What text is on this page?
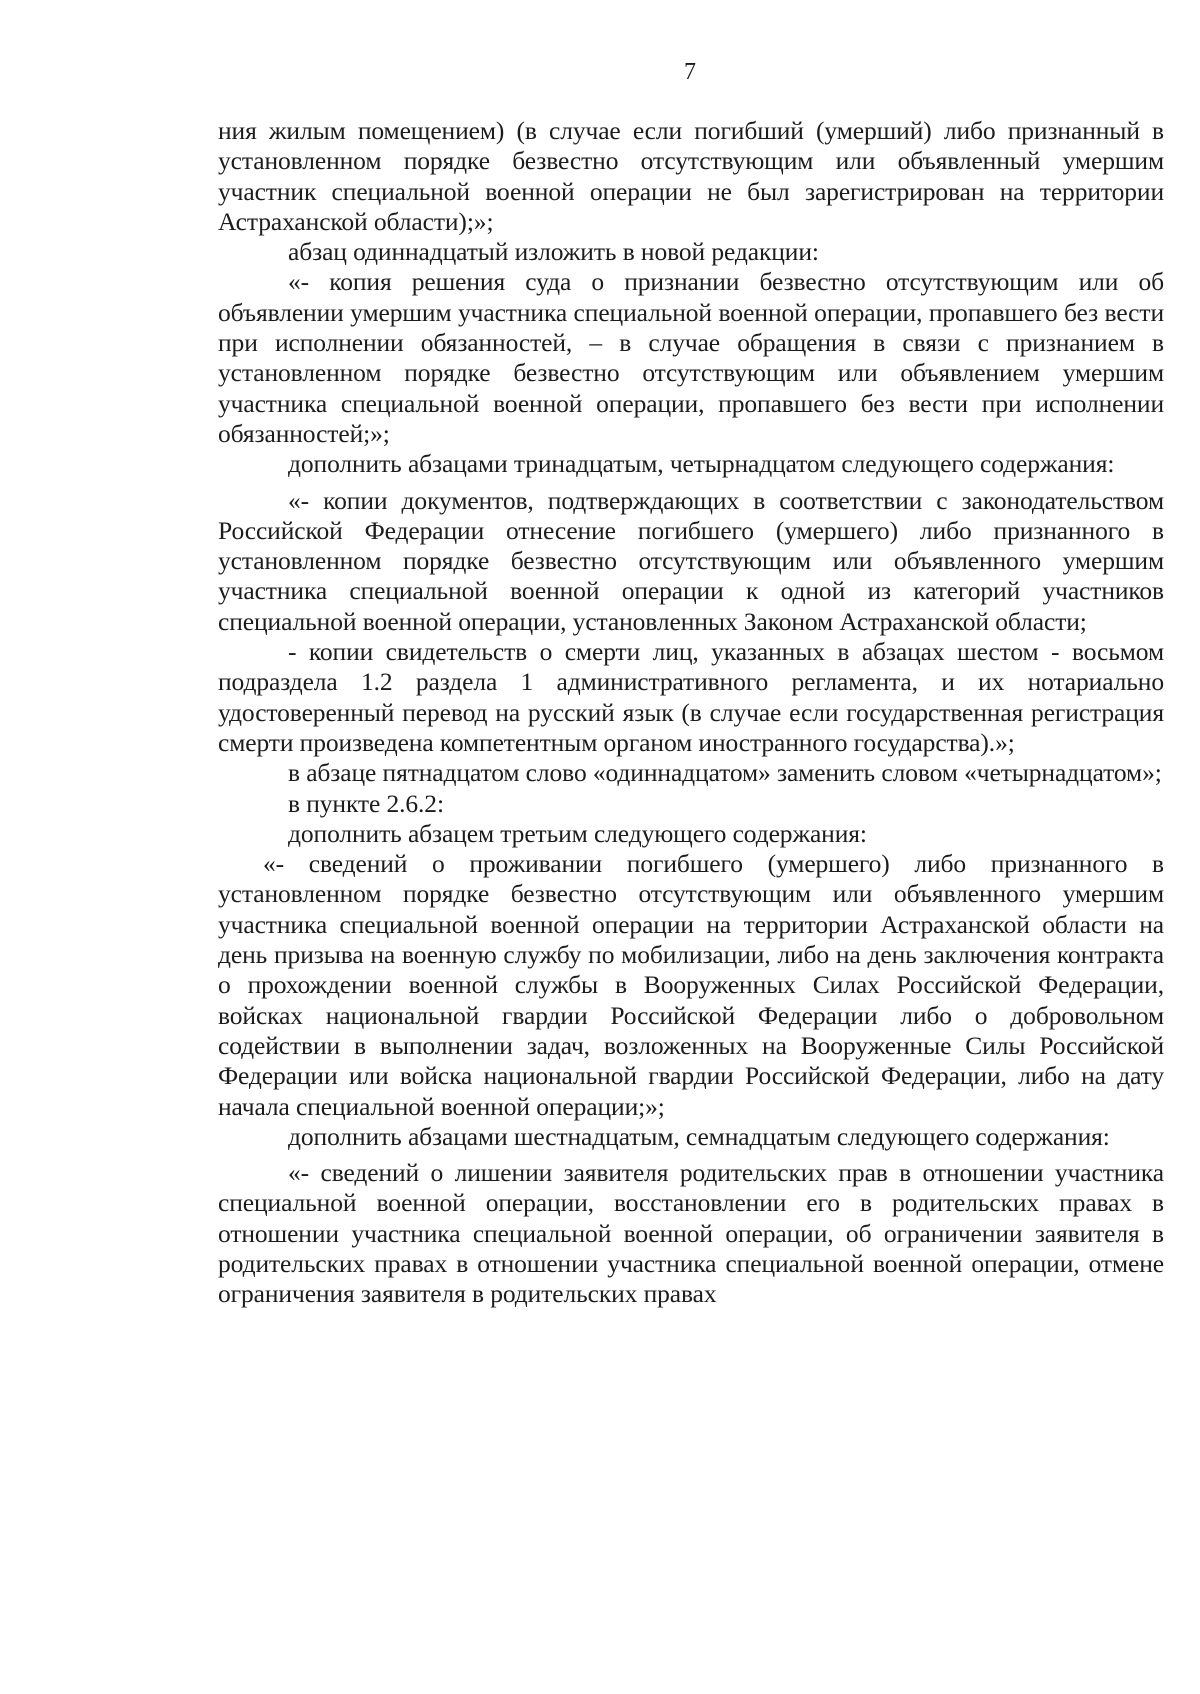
7

ния жилым помещением) (в случае если погибший (умерший) либо признанный в установленном порядке безвестно отсутствующим или объявленный умершим участник специальной военной операции не был зарегистрирован на территории Астраханской области);»;

абзац одиннадцатый изложить в новой редакции:

«- копия решения суда о признании безвестно отсутствующим или об объявлении умершим участника специальной военной операции, пропавшего без вести при исполнении обязанностей, – в случае обращения в связи с признанием в установленном порядке безвестно отсутствующим или объявлением умершим участника специальной военной операции, пропавшего без вести при исполнении обязанностей;»;

дополнить абзацами тринадцатым, четырнадцатом следующего содержания:

«- копии документов, подтверждающих в соответствии с законодательством Российской Федерации отнесение погибшего (умершего) либо признанного в установленном порядке безвестно отсутствующим или объявленного умершим участника специальной военной операции к одной из категорий участников специальной военной операции, установленных Законом Астраханской области;

- копии свидетельств о смерти лиц, указанных в абзацах шестом - восьмом подраздела 1.2 раздела 1 административного регламента, и их нотариально удостоверенный перевод на русский язык (в случае если государственная регистрация смерти произведена компетентным органом иностранного государства).»;

в абзаце пятнадцатом слово «одиннадцатом» заменить словом «четырнадцатом»;

в пункте 2.6.2:

дополнить абзацем третьим следующего содержания:

«- сведений о проживании погибшего (умершего) либо признанного в установленном порядке безвестно отсутствующим или объявленного умершим участника специальной военной операции на территории Астраханской области на день призыва на военную службу по мобилизации, либо на день заключения контракта о прохождении военной службы в Вооруженных Силах Российской Федерации, войсках национальной гвардии Российской Федерации либо о добровольном содействии в выполнении задач, возложенных на Вооруженные Силы Российской Федерации или войска национальной гвардии Российской Федерации, либо на дату начала специальной военной операции;»;

дополнить абзацами шестнадцатым, семнадцатым следующего содержания:

«- сведений о лишении заявителя родительских прав в отношении участника специальной военной операции, восстановлении его в родительских правах в отношении участника специальной военной операции, об ограничении заявителя в родительских правах в отношении участника специальной военной операции, отмене ограничения заявителя в родительских правах
